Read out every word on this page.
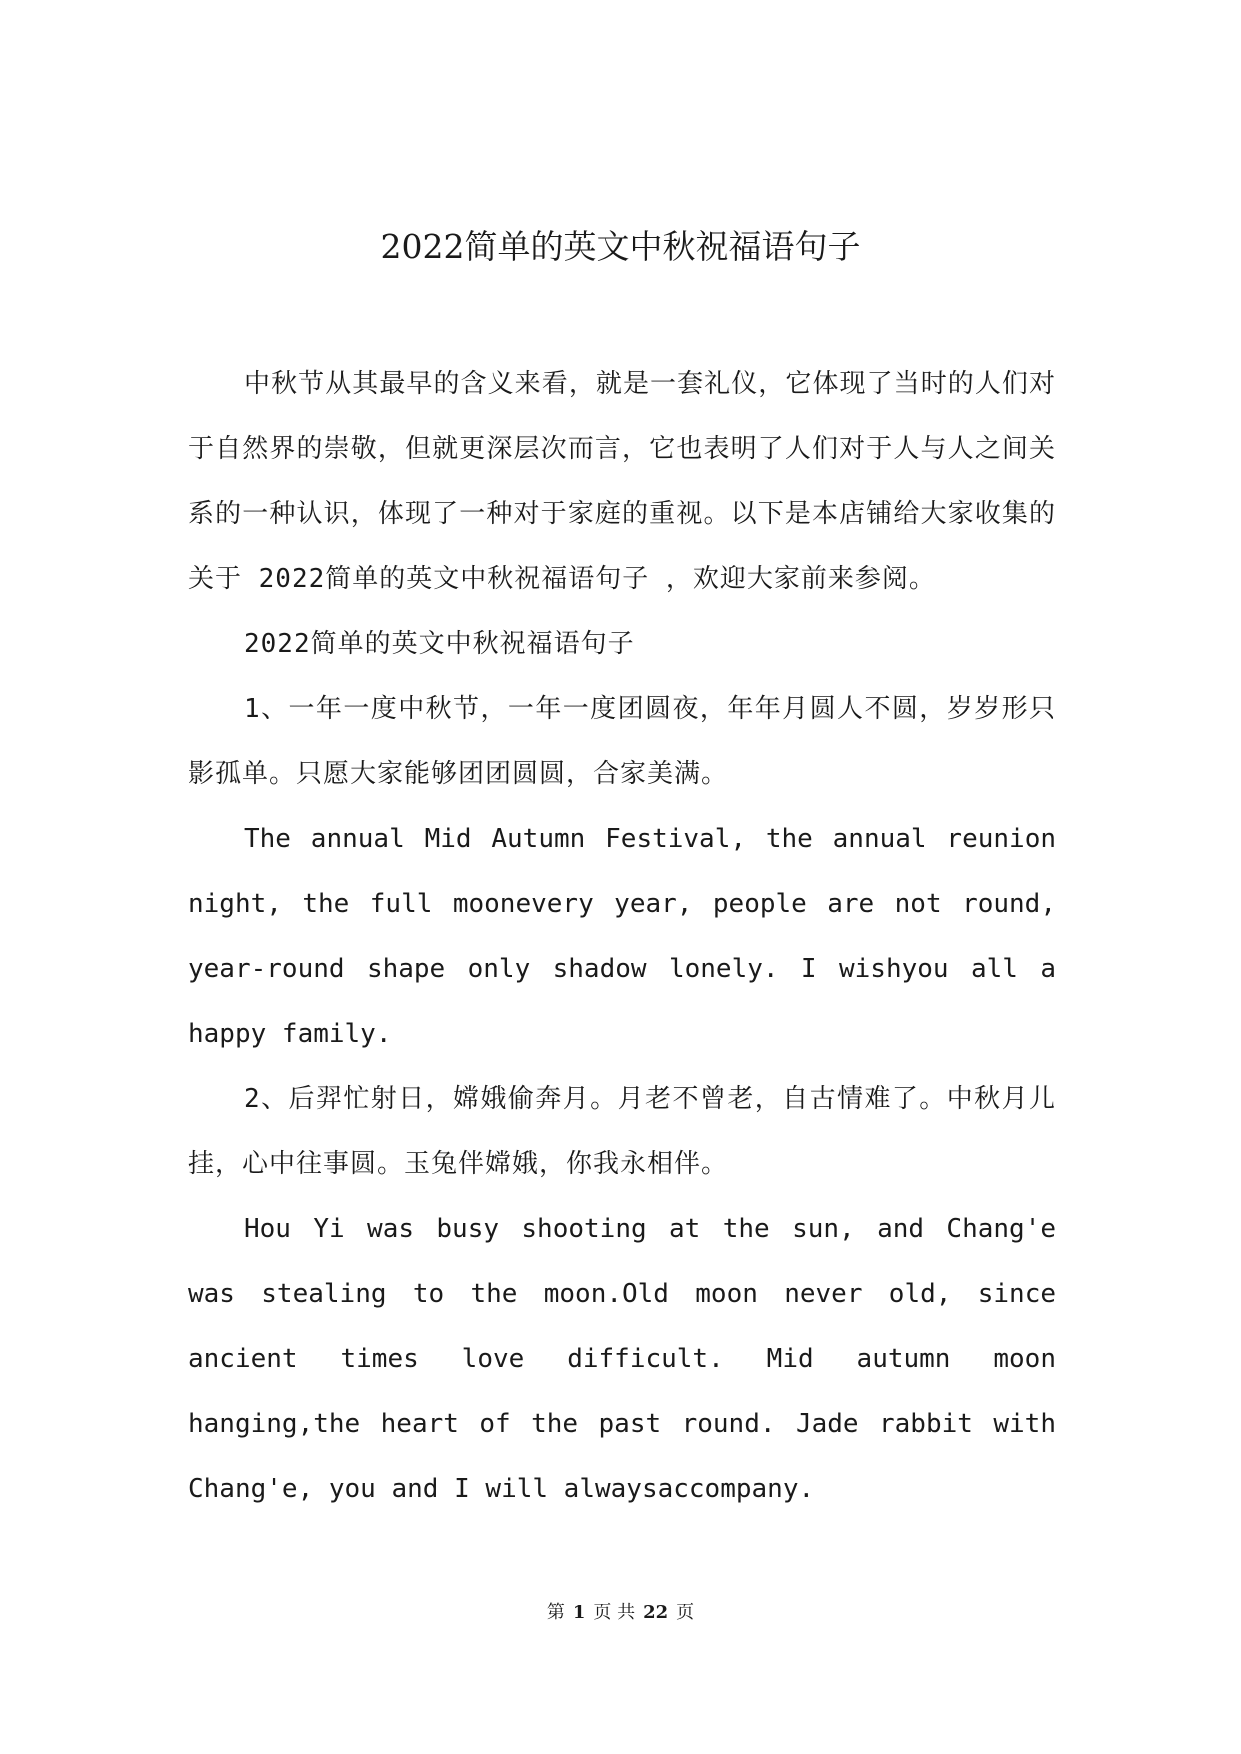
2022简单的英文中秋祝福语句子

中秋节从其最早的含义来看，就是一套礼仪，它体现了当时的人们对于自然界的崇敬，但就更深层次而言，它也表明了人们对于人与人之间关系的一种认识，体现了一种对于家庭的重视。以下是本店铺给大家收集的关于 2022简单的英文中秋祝福语句子 ，欢迎大家前来参阅。

2022简单的英文中秋祝福语句子

1、一年一度中秋节，一年一度团圆夜，年年月圆人不圆，岁岁形只影孤单。只愿大家能够团团圆圆，合家美满。

The annual Mid Autumn Festival, the annual reunion night, the full moonevery year, people are not round, year-round shape only shadow lonely. I wishyou all a happy family.

2、后羿忙射日，嫦娥偷奔月。月老不曾老，自古情难了。中秋月儿挂，心中往事圆。玉兔伴嫦娥，你我永相伴。

Hou Yi was busy shooting at the sun, and Chang'e was stealing to the moon.Old moon never old, since ancient times love difficult. Mid autumn moon hanging,the heart of the past round. Jade rabbit with Chang'e, you and I will alwaysaccompany.

第 1 页 共 22 页
